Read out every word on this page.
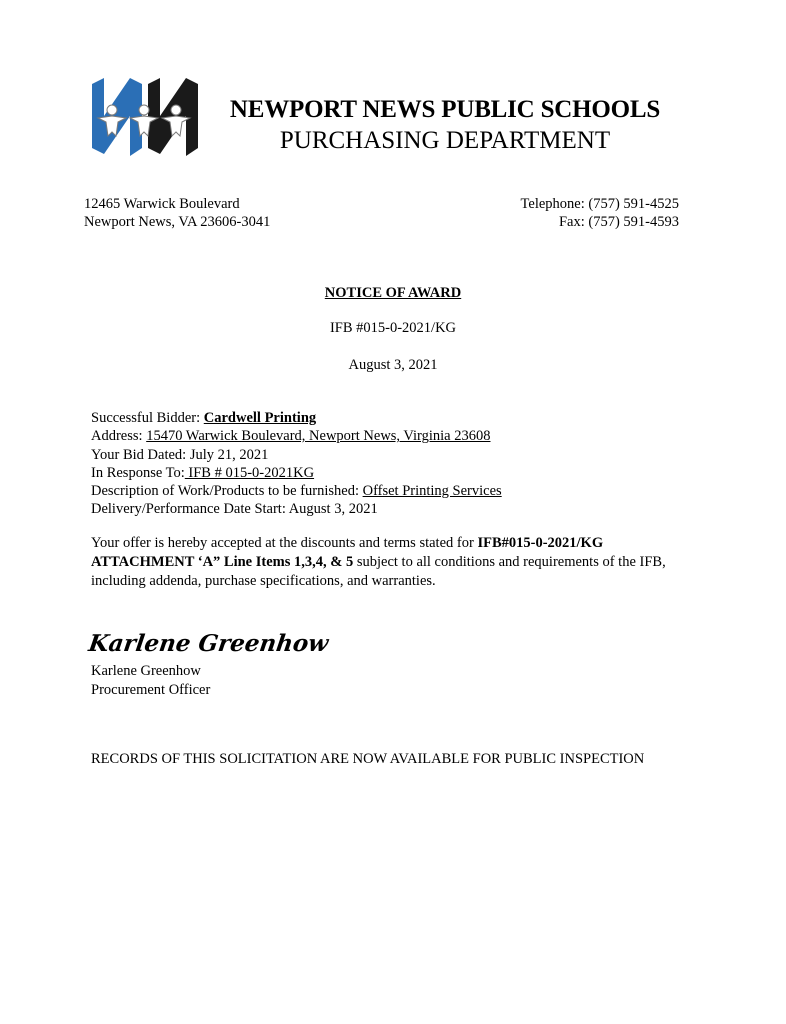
NEWPORT NEWS PUBLIC SCHOOLS
PURCHASING DEPARTMENT
12465 Warwick Boulevard
Newport News, VA 23606-3041
Telephone: (757) 591-4525
Fax: (757) 591-4593
NOTICE OF AWARD
IFB #015-0-2021/KG
August 3, 2021
Successful Bidder: Cardwell Printing
Address: 15470 Warwick Boulevard, Newport News, Virginia 23608
Your Bid Dated: July 21, 2021
In Response To: IFB # 015-0-2021KG
Description of Work/Products to be furnished: Offset Printing Services
Delivery/Performance Date Start: August 3, 2021
Your offer is hereby accepted at the discounts and terms stated for IFB#015-0-2021/KG
ATTACHMENT ‘A” Line Items 1,3,4, & 5 subject to all conditions and requirements of the IFB, including addenda, purchase specifications, and warranties.
Karlene Greenhow
Karlene Greenhow
Procurement Officer
RECORDS OF THIS SOLICITATION ARE NOW AVAILABLE FOR PUBLIC INSPECTION
